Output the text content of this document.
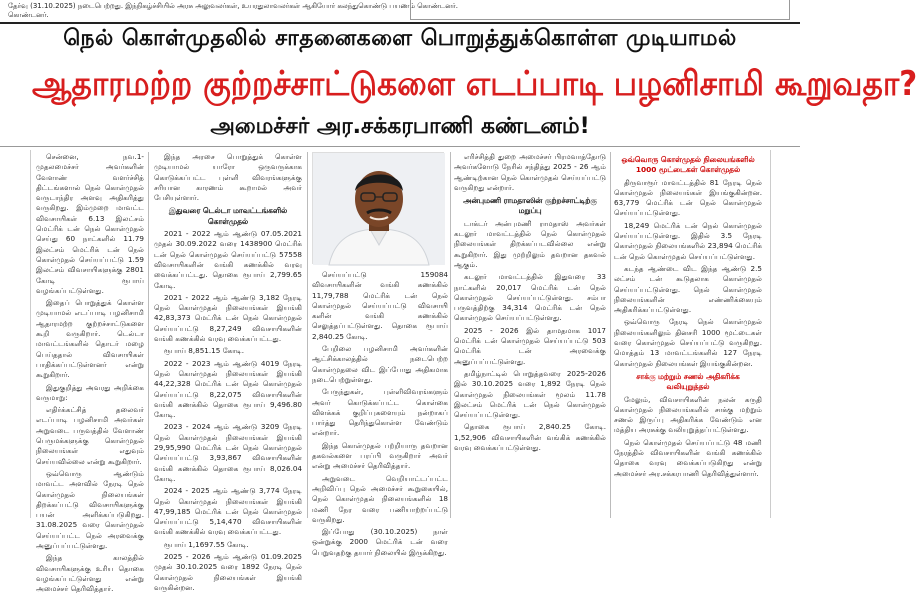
தேர்வு (31.10.2025) நடைபெற்றது. இந்நிகழ்ச்சியில் அரசு அலுவலர்கள், உயரதுலாவலர்கள் ஆகியோர் கலந்துகொண்டு பயணம் கொண்டனர்.
கொண்டனர்.
நெல் கொள்முதலில் சாதனைகளை பொறுத்துக்கொள்ள முடியாமல்
ஆதாரமற்ற குற்றச்சாட்டுகளை எடப்பாடி பழனிசாமி கூறுவதா?
அமைச்சர் அர.சக்கரபாணி கண்டனம்!

சென்னை, நவ.1- முதலமைச்சர் அவர்களின் வேளாண் வளர்ச்சித் திட்டங்களால் நெல் கொள்முதல் வருடாந்திர அளவு அதிகரித்து வருகிறது. இம்முறை மாவட்ட விவசாயிகள் 6.13 இலட்சம் மெட்ரிக் டன் நெல் கொள்முதல் செய்து 60 நாட்களில் 11.79 இலட்சம் மெட்ரிக் டன் நெல் கொள்முதல் செய்யப்பட்டு 1.59 இலட்சம் விவசாயிகளுக்கு 2801 கோடி ரூபாய் வழங்கப்பட்டுள்ளது.

இதைப் பொறுத்துக் கொள்ள முடியாமல் எடப்பாடி பழனிசாமி ஆதாரமற்ற குற்றச்சாட்டுகளை கூறி வருகிறார். டெல்டா மாவட்டங்களில் தொடர் மழை பெய்ததால் விவசாயிகள் பாதிக்கப்பட்டுள்ளனர் என்று கூறுகிறார்.

இதுகுறித்து அவரது அறிக்கை வருமாறு:

எதிர்க்கட்சித் தலைவர் எடப்பாடி பழனிசாமி அவர்கள் அறுவடை பருவத்தில் வேளாண் பெருமக்களுக்கு கொள்முதல் நிலையங்கள் எதுவும் செய்யவில்லை என்று கூறுகிறார்.

ஒவ்வொரு ஆண்டும் மாவட்ட அளவில் நேரடி நெல் கொள்முதல் நிலையங்கள் திறக்கப்பட்டு விவசாயிகளுக்கு பயன் அளிக்கப்படுகிறது. 31.08.2025 வரை கொள்முதல் செய்யப்பட்ட நெல் அரவைக்கு அனுப்பப்பட்டுள்ளது.

இந்த காலத்தில் விவசாயிகளுக்கு உரிய தொகை வழங்கப்பட்டுள்ளது என்று அமைச்சர் தெரிவித்தார்.

இந்த அரசை பொறுத்துக் கொள்ள முடியாமல் யாரோ ஒருவருக்காக கொடுக்கப்பட்ட புள்ளி விவரங்களுக்கு சரியான காரணம் கூறாமல் அவர் பேசியுள்ளார்.

இதுவரை டெல்டா மாவட்டங்களில் கொள்முதல்

2021 - 2022 ஆம் ஆண்டு 07.05.2021 முதல் 30.09.2022 வரை 1438900 மெட்ரிக் டன் நெல் கொள்முதல் செய்யப்பட்டு 57558 விவசாயிகளின் வங்கி கணக்கில் வரவு வைக்கப்பட்டது. தொகை ரூபாய் 2,799.65 கோடி.

2021 - 2022 ஆம் ஆண்டு 3,182 நேரடி நெல் கொள்முதல் நிலையங்கள் இயங்கி 42,83,373 மெட்ரிக் டன் நெல் கொள்முதல் செய்யப்பட்டு 8,27,249 விவசாயிகளின் வங்கி கணக்கில் வரவு வைக்கப்பட்டது.

ரூபாய் 8,851.15 கோடி.

2022 - 2023 ஆம் ஆண்டு 4019 நேரடி நெல் கொள்முதல் நிலையங்கள் இயங்கி 44,22,328 மெட்ரிக் டன் நெல் கொள்முதல் செய்யப்பட்டு 8,22,075 விவசாயிகளின் வங்கி கணக்கில் தொகை ரூபாய் 9,496.80 கோடி.

2023 - 2024 ஆம் ஆண்டு 3209 நேரடி நெல் கொள்முதல் நிலையங்கள் இயங்கி 29,95,990 மெட்ரிக் டன் நெல் கொள்முதல் செய்யப்பட்டு 3,93,867 விவசாயிகளின் வங்கி கணக்கில் தொகை ரூபாய் 8,026.04 கோடி.

2024 - 2025 ஆம் ஆண்டு 3,774 நேரடி நெல் கொள்முதல் நிலையங்கள் இயங்கி 47,99,185 மெட்ரிக் டன் நெல் கொள்முதல் செய்யப்பட்டு 5,14,470 விவசாயிகளின் வங்கி கணக்கில் வரவு வைக்கப்பட்டது.

ரூபாய் 1,1697.55 கோடி.

2025 - 2026 ஆம் ஆண்டு 01.09.2025 முதல் 30.10.2025 வரை 1892 நேரடி நெல் கொள்முதல் நிலையங்கள் இயங்கி வருகின்றன.

செய்யப்பட்டு 159084 விவசாயிகளின் வங்கி கணக்கில் 11,79,788 மெட்ரிக் டன் நெல் கொள்முதல் செய்யப்பட்டு விவசாயி களின் வங்கி கணக்கில் செலுத்தப்பட்டுள்ளது. தொகை ரூபாய் 2,840.25 கோடி.

பேறிலை பழனிசாமி அவர்களின் ஆட்சிக்காலத்தில் நடைபெற்ற கொள்முதலை விட இப்போது அதிகமாக நடைபெற்றுள்ளது.

பேருந்துகள், புள்ளிவிவரங்களும் அவர் கொடுக்கப்பட்ட கொள்கை விளக்கக் குறிப்புகளையும் நன்றாகப் பார்த்து தெரிந்துகொள்ள வேண்டும் என்றார்.

இந்த கொள்முதல் பற்றியாரு தவறான தகவல்களை பரப்பி வருகிறார் அவர் என்று அமைச்சர் தெரிவித்தார்.

அறுவடை வெறியாட்டப்பட்ட அறிவிப்பு நெல் அமைச்சர் கூறுகையில், நெல் கொள்முதல் நிலையங்களில் 18 மணி நேர வரை பணியாற்றப்பட்டு வருகிறது.

இப்போது (30.10.2025) நாள் ஒன்றுக்கு 2000 மெட்ரிக் டன் வரை பெறுவதற்கு தயார் நிலையில் இருக்கிறது.

எரிச்சித்தி துறை அமைச்சர் பிரமவாத்தோடு அவர்களோடு நேரில் சந்தித்து 2025 - 26 ஆம் ஆண்டிற்கான நெல் கொள்முதல் செய்யப்பட்டு வருகிறது என்றார்.

அன்புமணி ராமதாஸின் குற்றச்சாட்டிற்கு மறுப்பு

டாக்டர் அன்புமணி ராமதாஸ் அவர்கள் கடலூர் மாவட்டத்தில் நெல் கொள்முதல் நிலையங்கள் திறக்கப்படவில்லை என்று கூறுகிறார். இது முற்றிலும் தவறான தகவல் ஆகும்.

கடலூர் மாவட்டத்தில் இதுவரை 33 நாட்களில் 20,017 மெட்ரிக் டன் நெல் கொள்முதல் செய்யப்பட்டுள்ளது. சம்பா பருவத்திற்கு 34,314 மெட்ரிக் டன் நெல் கொள்முதல் செய்யப்பட்டுள்ளது.

2025 - 2026 இல் தாமதமாக 1017 மெட்ரிக் டன் கொள்முதல் செய்யப்பட்டு 503 மெட்ரிக் டன் அரவைக்கு அனுப்பப்பட்டுள்ளது.

தமிழ்நாட்டில் பொறுத்தவரை 2025-2026 இல் 30.10.2025 வரை 1,892 நேரடி நெல் கொள்முதல் நிலையங்கள் மூலம் 11.78 இலட்சம் மெட்ரிக் டன் நெல் கொள்முதல் செய்யப்பட்டுள்ளது.

தொகை ரூபாய் 2,840.25 கோடி. 1,52,906 விவசாயிகளின் வங்கிக் கணக்கில் வரவு வைக்கப்பட்டுள்ளது.

ஒவ்வொரு கொள்முதல் நிலையங்களில் 1000 மூட்டைகள் கொள்முதல்

திருவாரூர் மாவட்டத்தில் 81 நேரடி நெல் கொள்முதல் நிலையங்கள் இயங்குகின்றன. 63,779 மெட்ரிக் டன் நெல் கொள்முதல் செய்யப்பட்டுள்ளது.

18,249 மெட்ரிக் டன் நெல் கொள்முதல் செய்யப்பட்டுள்ளது. இதில் 3.5 நேரடி கொள்முதல் நிலையங்களில் 23,894 மெட்ரிக் டன் நெல் கொள்முதல் செய்யப்பட்டுள்ளது.

கடந்த ஆண்டை விட இந்த ஆண்டு 2.5 லட்சம் டன் கூடுதலாக கொள்முதல் செய்யப்பட்டுள்ளது. நெல் கொள்முதல் நிலையங்களின் எண்ணிக்கையும் அதிகரிக்கப்பட்டுள்ளது.

ஒவ்வொரு நேரடி நெல் கொள்முதல் நிலையங்களிலும் தினசரி 1000 மூட்டைகள் வரை கொள்முதல் செய்யப்பட்டு வருகிறது. மொத்தம் 13 மாவட்டங்களில் 127 நேரடி கொள்முதல் நிலையங்கள் இயங்குகின்றன.

சாக்கு மற்றும் சணல் அதிகரிக்க வலியுறுத்தல்

மேலும், விவசாயிகளின் நலன் கருதி கொள்முதல் நிலையங்களில் சாக்கு மற்றும் சணல் இருப்பு அதிகரிக்க வேண்டும் என மத்திய அரசுக்கு வலியுறுத்தப்பட்டுள்ளது.

நெல் கொள்முதல் செய்யப்பட்டு 48 மணி நேரத்தில் விவசாயிகளின் வங்கி கணக்கில் தொகை வரவு வைக்கப்படுகிறது என்று அமைச்சர் அர.சக்கரபாணி தெரிவித்துள்ளார்.
